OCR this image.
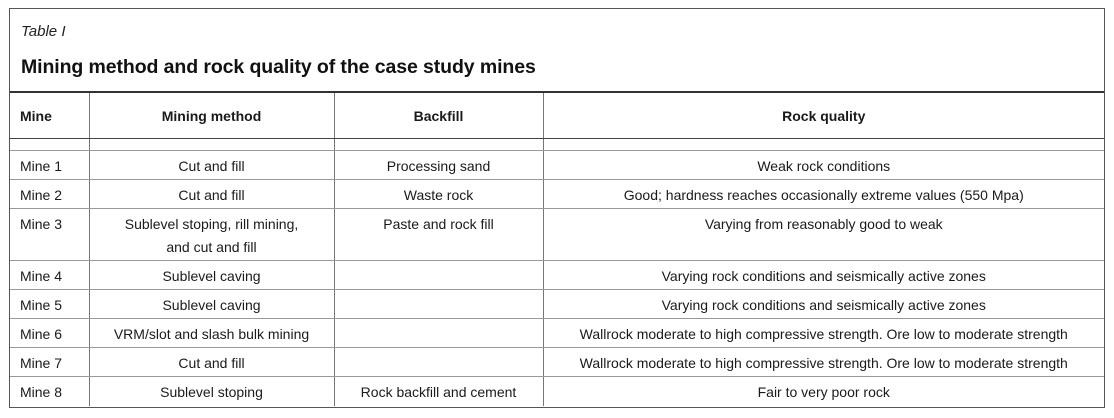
Table I
Mining method and rock quality of the case study mines
Mine	Mining method	Backfill	Rock quality

Mine 1	Cut and fill	Processing sand	Weak rock conditions
Mine 2	Cut and fill	Waste rock	Good; hardness reaches occasionally extreme values (550 Mpa)
Mine 3	Sublevel stoping, rill mining,
and cut and fill	Paste and rock fill	Varying from reasonably good to weak
Mine 4	Sublevel caving		Varying rock conditions and seismically active zones
Mine 5	Sublevel caving		Varying rock conditions and seismically active zones
Mine 6	VRM/slot and slash bulk mining		Wallrock moderate to high compressive strength. Ore low to moderate strength
Mine 7	Cut and fill		Wallrock moderate to high compressive strength. Ore low to moderate strength
Mine 8	Sublevel stoping	Rock backfill and cement	Fair to very poor rock
